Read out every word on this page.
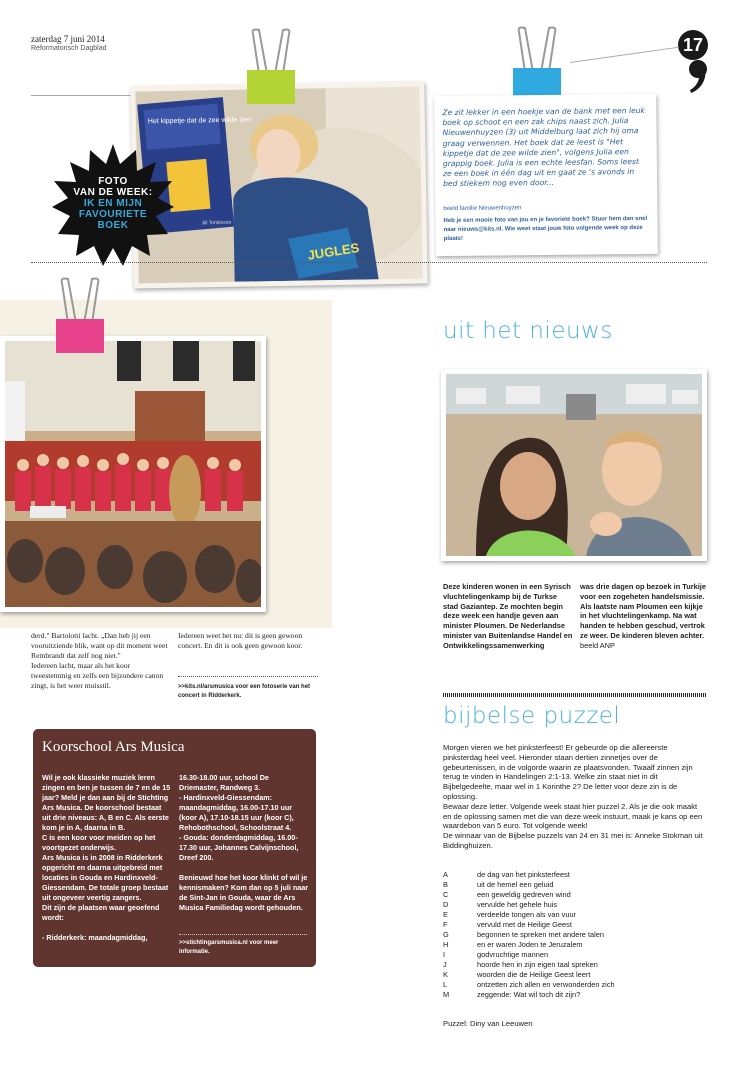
zaterdag 7 juni 2014
Reformatorisch Dagblad	17
Het kippetje dat de zee wilde zien
Jill Tomlinson
JUGLES
FOTO
VAN DE WEEK:
IK EN MIJN
FAVOURIETE
BOEK
Ze zit lekker in een hoekje van de bank met een leuk boek op schoot en een zak chips naast zich. Julia Nieuwenhuyzen (3) uit Middelburg laat zich hij oma graag verwennen. Het boek dat ze leest is "Het kippetje dat de zee wilde zien", volgens Julia een grappig boek. Julia is een echte leesfan. Soms leest ze een boek in één dag uit en gaat ze 's avonds in bed stiekem nog even door...
beeld familie Nieuwenhuyzen
Heb je een mooie foto van jou en je favoriete boek? Stuur hem dan snel naar nieuws@kits.nl. Wie weet staat jouw foto volgende week op deze plaats!
derd." Bartolotti lacht. „Dan heb jij een vooruitziende blik, want op dit moment weet Rembrandt dat zelf nog niet."
Iedereen lacht, maar als het koor tweestemmig en zelfs een bijzondere canon zingt, is het weer muisstil.
Iedereen weet het nu: dit is geen gewoon concert. En dit is ook geen gewoon koor.
>>kits.nl/arsmusica voor een fotoserie van het concert in Ridderkerk.
Koorschool Ars Musica
Wil je ook klassieke muziek leren zingen en ben je tussen de 7 en de 15 jaar? Meld je dan aan bij de Stichting Ars Musica. De koorschool bestaat uit drie niveaus: A, B en C. Als eerste kom je in A, daarna in B.
C is een koor voor meiden op het voortgezet onderwijs.
Ars Musica is in 2008 in Ridderkerk opgericht en daarna uitgebreid met locaties in Gouda en Hardinxveld-Giessendam. De totale groep bestaat uit ongeveer veertig zangers.
Dit zijn de plaatsen waar geoefend wordt:

- Ridderkerk: maandagmiddag,
16.30-18.00 uur, school De Driemaster, Randweg 3.
- Hardinxveld-Giessendam: maandagmiddag, 16.00-17.10 uur (koor A), 17.10-18.15 uur (koor C), Rehobothschool, Schoolstraat 4.
- Gouda: donderdagmiddag, 16.00-17.30 uur, Johannes Calvijnschool, Dreef 200.

Benieuwd hoe het koor klinkt of wil je kennismaken? Kom dan op 5 juli naar de Sint-Jan in Gouda, waar de Ars Musica Familiedag wordt gehouden.
>>stichtingarsmusica.nl voor meer informatie.
uit het nieuws
Deze kinderen wonen in een Syrisch vluchtelingenkamp bij de Turkse stad Gaziantep. Ze mochten begin deze week een handje geven aan minister Ploumen. De Nederlandse minister van Buitenlandse Handel en Ontwikkelingssamenwerking
was drie dagen op bezoek in Turkije voor een zogeheten handelsmissie. Als laatste nam Ploumen een kijkje in het vluchtelingenkamp. Na wat handen te hebben geschud, vertrok ze weer. De kinderen bleven achter. beeld ANP
bijbelse puzzel
Morgen vieren we het pinksterfeest! Er gebeurde op die allereerste pinksterdag heel veel. Hieronder staan dertien zinnetjes over de gebeurtenissen, in de volgorde waarin ze plaatsvonden. Twaalf zinnen zijn terug te vinden in Handelingen 2:1-13. Welke zin staat niet in dit Bijbelgedeelte, maar wel in 1 Korinthe 2? De letter voor deze zin is de oplossing.
Bewaar deze letter. Volgende week staat hier puzzel 2. Als je die ook maakt en de oplossing samen met die van deze week instuurt, maak je kans op een waardebon van 5 euro. Tot volgende week!
De winnaar van de Bijbelse puzzels van 24 en 31 mei is: Anneke Stokman uit Biddinghuizen.
A	de dag van het pinksterfeest
B	uit de hemel een geluid
C	een geweldig gedreven wind
D	vervulde het gehele huis
E	verdeelde tongen als van vuur
F	vervuld met de Heilige Geest
G	begonnen te spreken met andere talen
H	en er waren Joden te Jeruzalem
I	godvruchtige mannen
J	hoorde hen in zijn eigen taal spreken
K	woorden die de Heilige Geest leert
L	ontzetten zich allen en verwonderden zich
M	zeggende: Wat wil toch dit zijn?
Puzzel: Diny van Leeuwen
